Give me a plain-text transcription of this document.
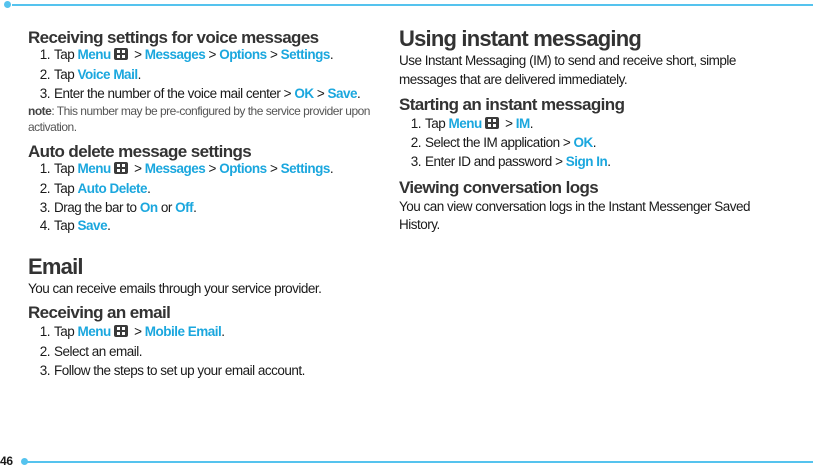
46
Receiving settings for voice messages
1. Tap Menu > Messages > Options > Settings.
2. Tap Voice Mail.
3. Enter the number of the voice mail center > OK > Save.
note: This number may be pre-configured by the service provider upon
activation.
Auto delete message settings
1. Tap Menu > Messages > Options > Settings.
2. Tap Auto Delete.
3. Drag the bar to On or Off.
4. Tap Save.
Email
You can receive emails through your service provider.
Receiving an email
1. Tap Menu > Mobile Email.
2. Select an email.
3. Follow the steps to set up your email account.
Using instant messaging
Use Instant Messaging (IM) to send and receive short, simple
messages that are delivered immediately.
Starting an instant messaging
1. Tap Menu > IM.
2. Select the IM application > OK.
3. Enter ID and password > Sign In.
Viewing conversation logs
You can view conversation logs in the Instant Messenger Saved
History.
